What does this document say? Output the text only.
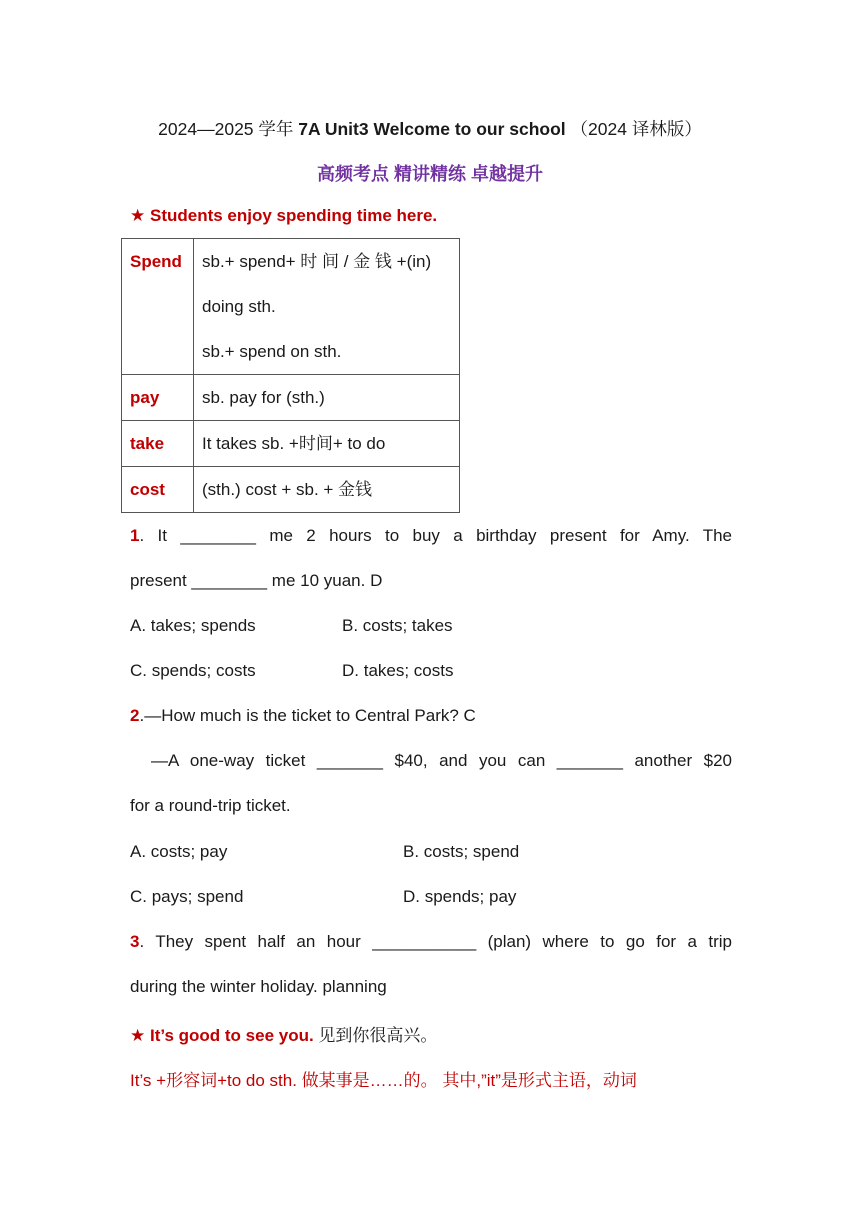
2024—2025 学年 7A Unit3 Welcome to our school （2024 译林版）
高频考点 精讲精练 卓越提升
★ Students enjoy spending time here.
Spend	sb.+ spend+ 时 间 / 金 钱 +(in)
doing sth.
sb.+ spend on sth.

pay	sb. pay for (sth.)

take	It takes sb. +时间+ to do

cost	(sth.) cost + sb. + 金钱
1. It ________ me 2 hours to buy a birthday present for Amy. The
present ________ me 10 yuan. D
A. takes; spends	B. costs; takes
C. spends; costs	D. takes; costs
2.—How much is the ticket to Central Park? C
—A one-way ticket _______ $40, and you can _______ another $20
for a round-trip ticket.
A. costs; pay	B. costs; spend
C. pays; spend	D. spends; pay
3. They spent half an hour ___________ (plan) where to go for a trip
during the winter holiday. planning
★ It’s good to see you. 见到你很高兴。
It’s +形容词+to do sth. 做某事是……的。 其中,”it”是形式主语，动词
